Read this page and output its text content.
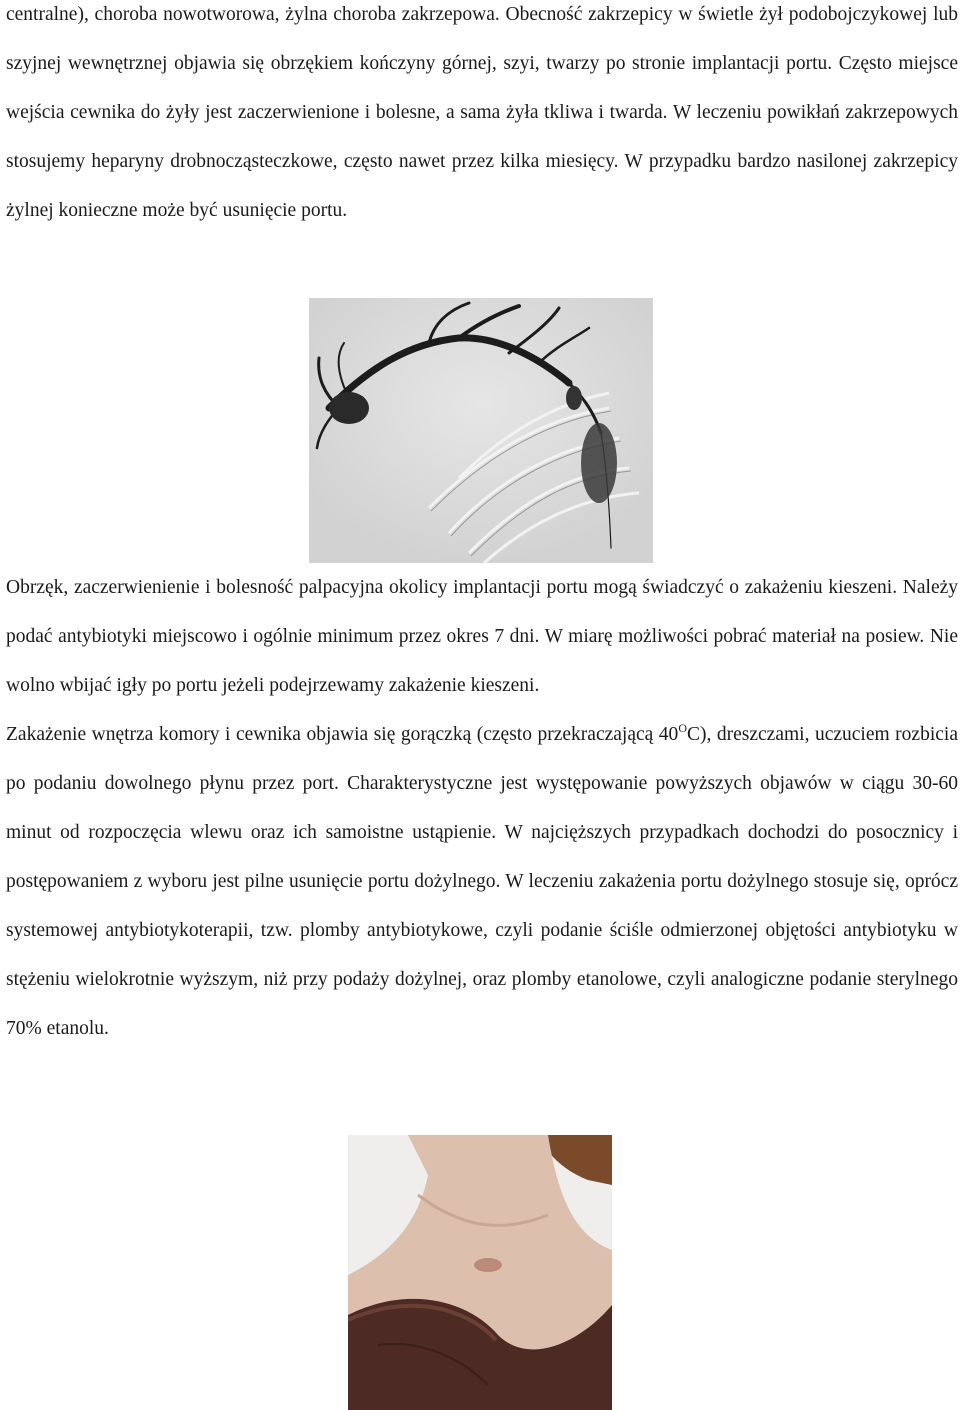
centralne), choroba nowotworowa, żylna choroba zakrzepowa. Obecność zakrzepicy w świetle żył podobojczykowej lub szyjnej wewnętrznej objawia się obrzękiem kończyny górnej, szyi, twarzy po stronie implantacji portu. Często miejsce wejścia cewnika do żyły jest zaczerwienione i bolesne, a sama żyła tkliwa i twarda. W leczeniu powikłań zakrzepowych stosujemy heparyny drobnocząsteczkowe, często nawet przez kilka miesięcy. W przypadku bardzo nasilonej zakrzepicy żylnej konieczne może być usunięcie portu.

Obrzęk, zaczerwienienie i bolesność palpacyjna okolicy implantacji portu mogą świadczyć o zakażeniu kieszeni. Należy podać antybiotyki miejscowo i ogólnie minimum przez okres 7 dni. W miarę możliwości pobrać materiał na posiew. Nie wolno wbijać igły po portu jeżeli podejrzewamy zakażenie kieszeni.

Zakażenie wnętrza komory i cewnika objawia się gorączką (często przekraczającą $40^OC$), dreszczami, uczuciem rozbicia po podaniu dowolnego płynu przez port. Charakterystyczne jest występowanie powyższych objawów w ciągu 30-60 minut od rozpoczęcia wlewu oraz ich samoistne ustąpienie. W najcięższych przypadkach dochodzi do posocznicy i postępowaniem z wyboru jest pilne usunięcie portu dożylnego. W leczeniu zakażenia portu dożylnego stosuje się, oprócz systemowej antybiotykoterapii, tzw. plomby antybiotykowe, czyli podanie ściśle odmierzonej objętości antybiotyku w stężeniu wielokrotnie wyższym, niż przy podaży dożylnej, oraz plomby etanolowe, czyli analogiczne podanie sterylnego 70% etanolu.
